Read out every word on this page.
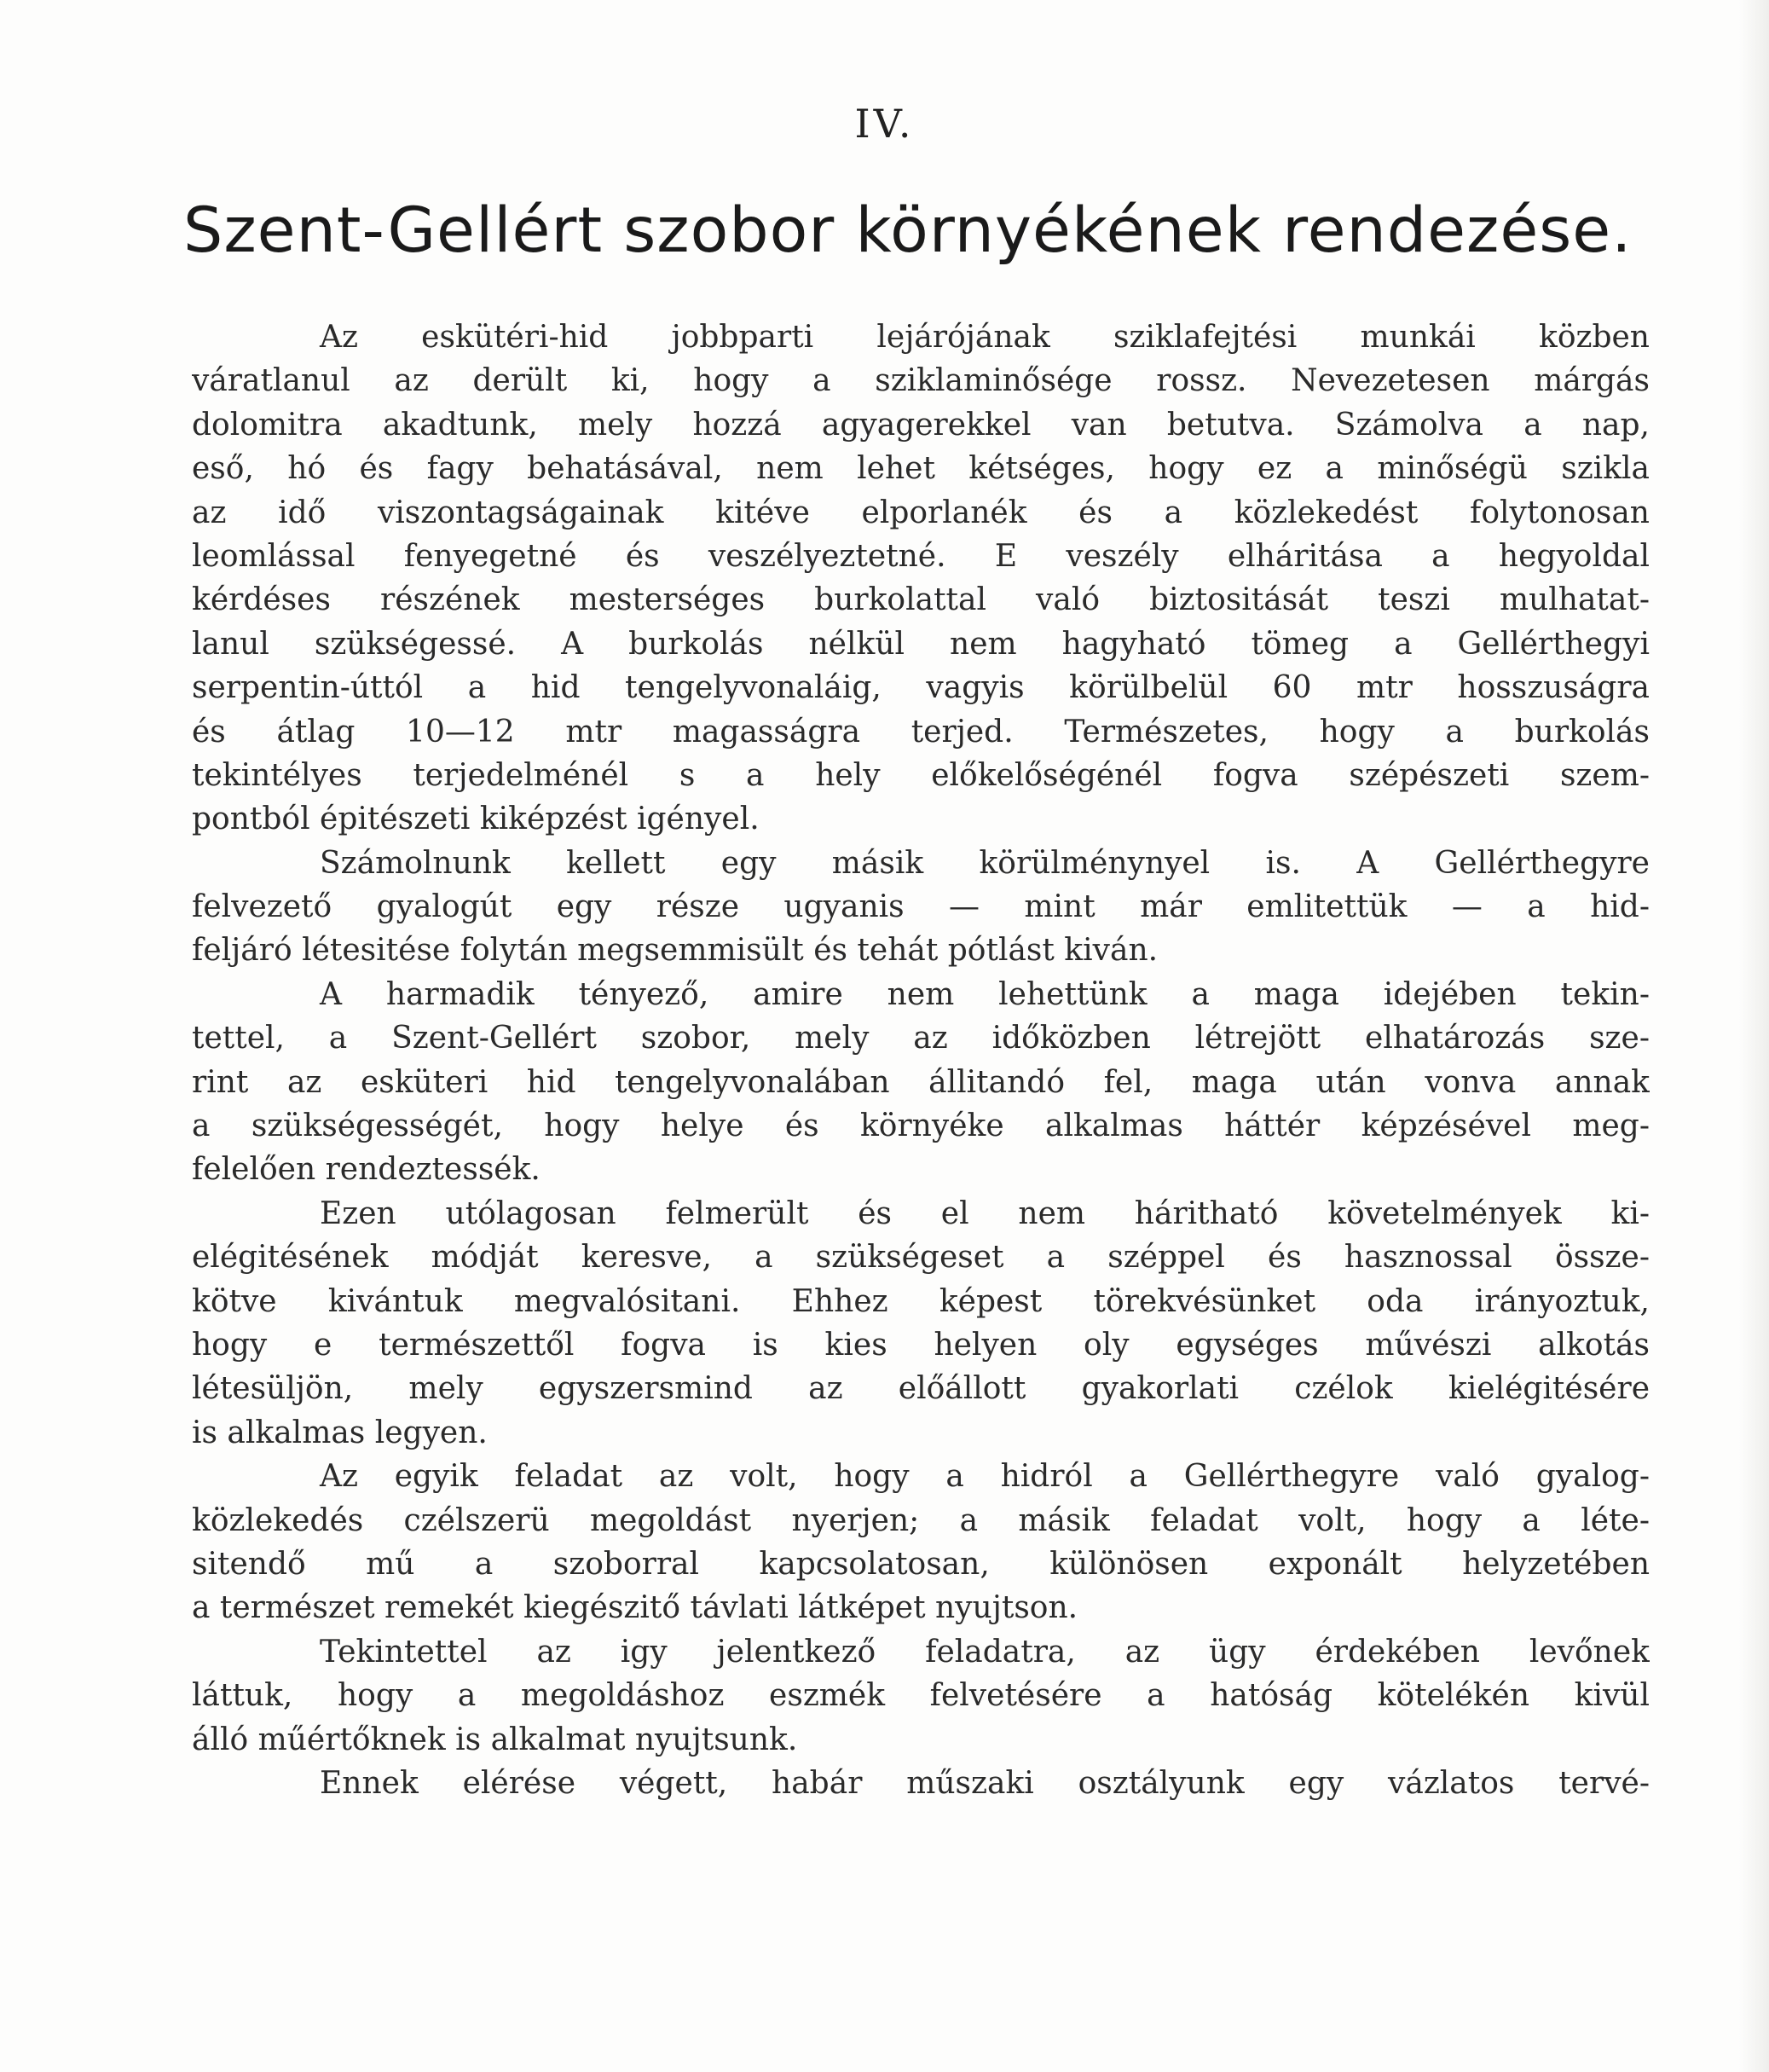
IV.
Szent-Gellért szobor környékének rendezése.
Az eskütéri-hid jobbparti lejárójának sziklafejtési munkái közben
váratlanul az derült ki, hogy a sziklaminősége rossz. Nevezetesen márgás
dolomitra akadtunk, mely hozzá agyagerekkel van betutva. Számolva a nap,
eső, hó és fagy behatásával, nem lehet kétséges, hogy ez a minőségü szikla
az idő viszontagságainak kitéve elporlanék és a közlekedést folytonosan
leomlással fenyegetné és veszélyeztetné. E veszély elháritása a hegyoldal
kérdéses részének mesterséges burkolattal való biztositását teszi mulhatat-
lanul szükségessé. A burkolás nélkül nem hagyható tömeg a Gellérthegyi
serpentin-úttól a hid tengelyvonaláig, vagyis körülbelül 60 mtr hosszuságra
és átlag 10—12 mtr magasságra terjed. Természetes, hogy a burkolás
tekintélyes terjedelménél s a hely előkelőségénél fogva szépészeti szem-
pontból épitészeti kiképzést igényel.
Számolnunk kellett egy másik körülménynyel is. A Gellérthegyre
felvezető gyalogút egy része ugyanis — mint már emlitettük — a hid-
feljáró létesitése folytán megsemmisült és tehát pótlást kiván.
A harmadik tényező, amire nem lehettünk a maga idejében tekin-
tettel, a Szent-Gellért szobor, mely az időközben létrejött elhatározás sze-
rint az esküteri hid tengelyvonalában állitandó fel, maga után vonva annak
a szükségességét, hogy helye és környéke alkalmas háttér képzésével meg-
felelően rendeztessék.
Ezen utólagosan felmerült és el nem háritható követelmények ki-
elégitésének módját keresve, a szükségeset a széppel és hasznossal össze-
kötve kivántuk megvalósitani. Ehhez képest törekvésünket oda irányoztuk,
hogy e természettől fogva is kies helyen oly egységes művészi alkotás
létesüljön, mely egyszersmind az előállott gyakorlati czélok kielégitésére
is alkalmas legyen.
Az egyik feladat az volt, hogy a hidról a Gellérthegyre való gyalog-
közlekedés czélszerü megoldást nyerjen; a másik feladat volt, hogy a léte-
sitendő mű a szoborral kapcsolatosan, különösen exponált helyzetében
a természet remekét kiegészitő távlati látképet nyujtson.
Tekintettel az igy jelentkező feladatra, az ügy érdekében levőnek
láttuk, hogy a megoldáshoz eszmék felvetésére a hatóság kötelékén kivül
álló műértőknek is alkalmat nyujtsunk.
Ennek elérése végett, habár műszaki osztályunk egy vázlatos tervé-
